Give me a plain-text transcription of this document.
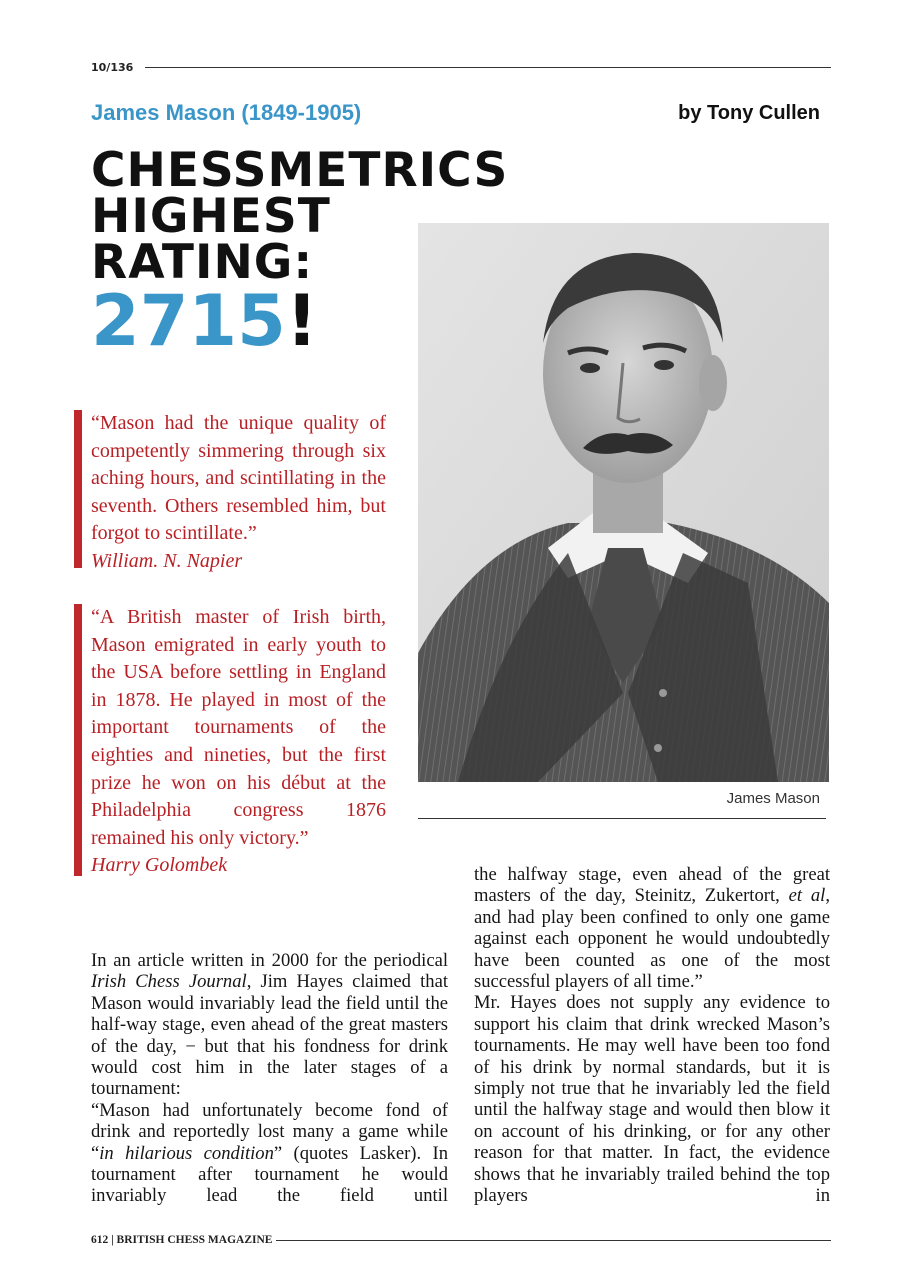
10/136
James Mason (1849-1905)	by Tony Cullen
CHESSMETRICS
HIGHEST
RATING:
2715!
James Mason

“Mason had the unique quality of competently simmering through six aching hours, and scintillating in the seventh. Others resembled him, but forgot to scintillate.”

William. N. Napier

“A British master of Irish birth, Mason emigrated in early youth to the USA before settling in England in 1878. He played in most of the important tournaments of the eighties and nineties, but the first prize he won on his début at the Philadelphia congress 1876 remained his only victory.”

Harry Golombek

In an article written in 2000 for the periodical Irish Chess Journal, Jim Hayes claimed that Mason would invariably lead the field until the half-way stage, even ahead of the great masters of the day, − but that his fondness for drink would cost him in the later stages of a tournament:

“Mason had unfortunately become fond of drink and reportedly lost many a game while “in hilarious condition” (quotes Lasker). In tournament after tournament he would invariably lead the field until

the halfway stage, even ahead of the great masters of the day, Steinitz, Zukertort, et al, and had play been confined to only one game against each opponent he would undoubtedly have been counted as one of the most successful players of all time.”

Mr. Hayes does not supply any evidence to support his claim that drink wrecked Mason’s tournaments. He may well have been too fond of his drink by normal standards, but it is simply not true that he invariably led the field until the halfway stage and would then blow it on account of his drinking, or for any other reason for that matter. In fact, the evidence shows that he invariably trailed behind the top players in

612 | BRITISH CHESS MAGAZINE
